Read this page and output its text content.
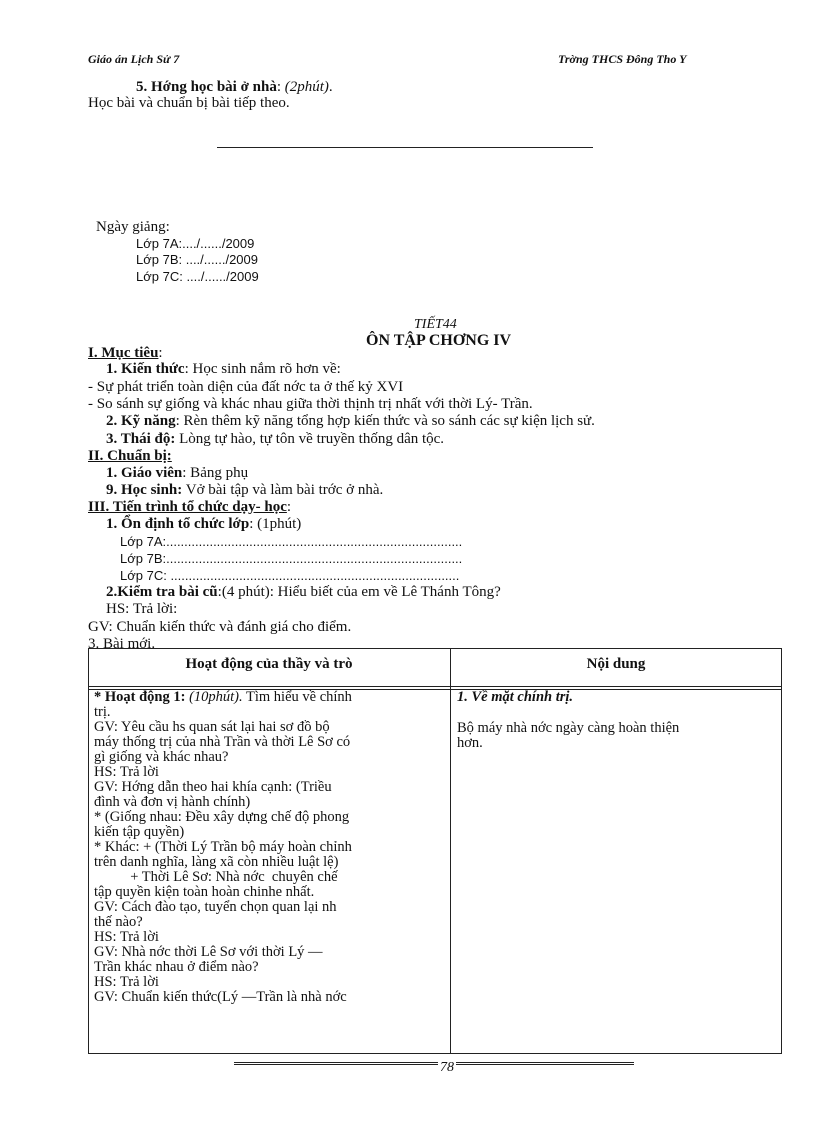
Giáo án Lịch Sử 7	Trờng THCS Đông Tho Y
5. Hớng học bài ở nhà: (2phút).
Học bài và chuẩn bị bài tiếp theo.
Ngày giảng:
Lớp 7A:..../....../2009
Lớp 7B: ..../....../2009
Lớp 7C: ..../....../2009
TIẾT44
ÔN TẬP CHƠNG IV
I. Mục tiêu:
1. Kiến thức: Học sinh nắm rõ hơn về:
- Sự phát triển toàn diện của đất nớc ta ở thế kỷ XVI
- So sánh sự giống và khác nhau giữa thời thịnh trị nhất với thời Lý- Trần.
2. Kỹ năng: Rèn thêm kỹ năng tổng hợp kiến thức và so sánh các sự kiện lịch sử.
3. Thái độ: Lòng tự hào, tự tôn về truyền thống dân tộc.
II. Chuẩn bị:
1. Giáo viên: Bảng phụ
9. Học sinh: Vở bài tập và làm bài trớc ở nhà.
III. Tiến trình tổ chức dạy- học:
1. Ổn định tổ chức lớp: (1phút)
Lớp 7A:..................................................................................
Lớp 7B:..................................................................................
Lớp 7C: ................................................................................
2.Kiểm tra bài cũ:(4 phút): Hiểu biết của em về Lê Thánh Tông?
HS: Trả lời:
GV: Chuẩn kiến thức và đánh giá cho điểm.
3. Bài mới.
Hoạt động của thầy và trò	Nội dung
* Hoạt động 1: (10phút). Tìm hiểu về chính
trị.
GV: Yêu cầu hs quan sát lại hai sơ đồ bộ
máy thống trị của nhà Trần và thời Lê Sơ có
gì giống và khác nhau?
HS: Trả lời
GV: Hớng dẫn theo hai khía cạnh: (Triều
đình và đơn vị hành chính)
* (Giống nhau: Đều xây dựng chế độ phong
kiến tập quyền)
* Khác: + (Thời Lý Trần bộ máy hoàn chỉnh
trên danh nghĩa, làng xã còn nhiều luật lệ)
+ Thời Lê Sơ: Nhà nớc  chuyên chế
tập quyền kiện toàn hoàn chinhe nhất.
GV: Cách đào tạo, tuyển chọn quan lại nh
thế nào?
HS: Trả lời
GV: Nhà nớc thời Lê Sơ với thời Lý —
Trần khác nhau ở điểm nào?
HS: Trả lời
GV: Chuẩn kiến thức(Lý —Trần là nhà nớc
1. Về mặt chính trị.
Bộ máy nhà nớc ngày càng hoàn thiện
hơn.
78
